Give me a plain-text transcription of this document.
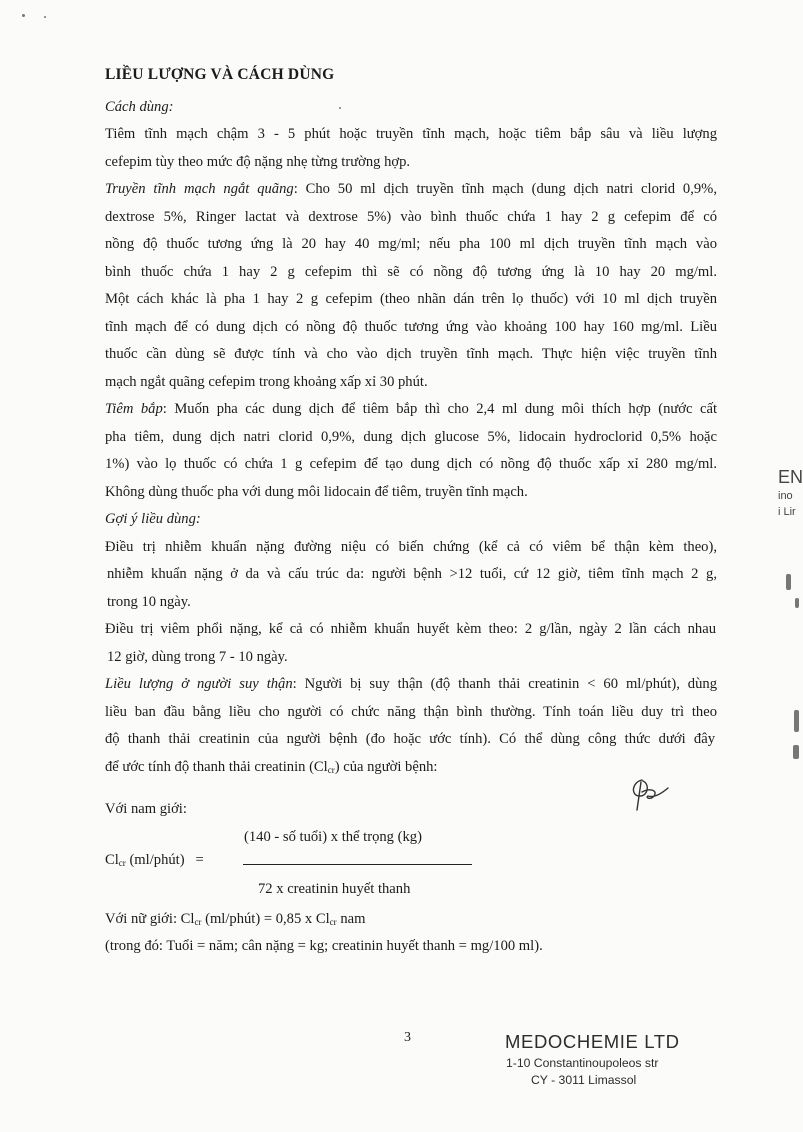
LIỀU LƯỢNG VÀ CÁCH DÙNG
Cách dùng:
Tiêm tĩnh mạch chậm 3 - 5 phút hoặc truyền tĩnh mạch, hoặc tiêm bắp sâu và liều lượng
cefepim tùy theo mức độ nặng nhẹ từng trường hợp.
Truyền tĩnh mạch ngắt quãng: Cho 50 ml dịch truyền tĩnh mạch (dung dịch natri clorid 0,9%,
dextrose 5%, Ringer lactat và dextrose 5%) vào bình thuốc chứa 1 hay 2 g cefepim để có
nồng độ thuốc tương ứng là 20 hay 40 mg/ml; nếu pha 100 ml dịch truyền tĩnh mạch vào
bình thuốc chứa 1 hay 2 g cefepim thì sẽ có nồng độ tương ứng là 10 hay 20 mg/ml.
Một cách khác là pha 1 hay 2 g cefepim (theo nhãn dán trên lọ thuốc) với 10 ml dịch truyền
tĩnh mạch để có dung dịch có nồng độ thuốc tương ứng vào khoảng 100 hay 160 mg/ml. Liều
thuốc cần dùng sẽ được tính và cho vào dịch truyền tĩnh mạch. Thực hiện việc truyền tĩnh
mạch ngắt quãng cefepim trong khoảng xấp xỉ 30 phút.
Tiêm bắp: Muốn pha các dung dịch để tiêm bắp thì cho 2,4 ml dung môi thích hợp (nước cất
pha tiêm, dung dịch natri clorid 0,9%, dung dịch glucose 5%, lidocain hydroclorid 0,5% hoặc
1%) vào lọ thuốc có chứa 1 g cefepim để tạo dung dịch có nồng độ thuốc xấp xỉ 280 mg/ml.
Không dùng thuốc pha với dung môi lidocain để tiêm, truyền tĩnh mạch.
Gợi ý liều dùng:
Điều trị nhiễm khuẩn nặng đường niệu có biến chứng (kể cả có viêm bể thận kèm theo),
nhiễm khuẩn nặng ở da và cấu trúc da: người bệnh >12 tuổi, cứ 12 giờ, tiêm tĩnh mạch 2 g,
trong 10 ngày.
Điều trị viêm phổi nặng, kể cả có nhiễm khuẩn huyết kèm theo: 2 g/lần, ngày 2 lần cách nhau
12 giờ, dùng trong 7 - 10 ngày.
Liều lượng ở người suy thận: Người bị suy thận (độ thanh thải creatinin < 60 ml/phút), dùng
liều ban đầu bằng liều cho người có chức năng thận bình thường. Tính toán liều duy trì theo
độ thanh thải creatinin của người bệnh (đo hoặc ước tính). Có thể dùng công thức dưới đây
để ước tính độ thanh thải creatinin $(Cl_{cr})$ của người bệnh:
Với nam giới:
(140 - số tuổi) x thể trọng (kg)
$Cl_{cr}$ (ml/phút)   =
72 x creatinin huyết thanh
Với nữ giới: $Cl_{cr}$ (ml/phút) = 0,85 x $Cl_{cr}$ nam
(trong đó: Tuổi = năm; cân nặng = kg; creatinin huyết thanh = mg/100 ml).
3	MEDOCHEMIE LTD
1-10 Constantinoupoleos str
CY - 3011 Limassol
EN
ino
i Lir
